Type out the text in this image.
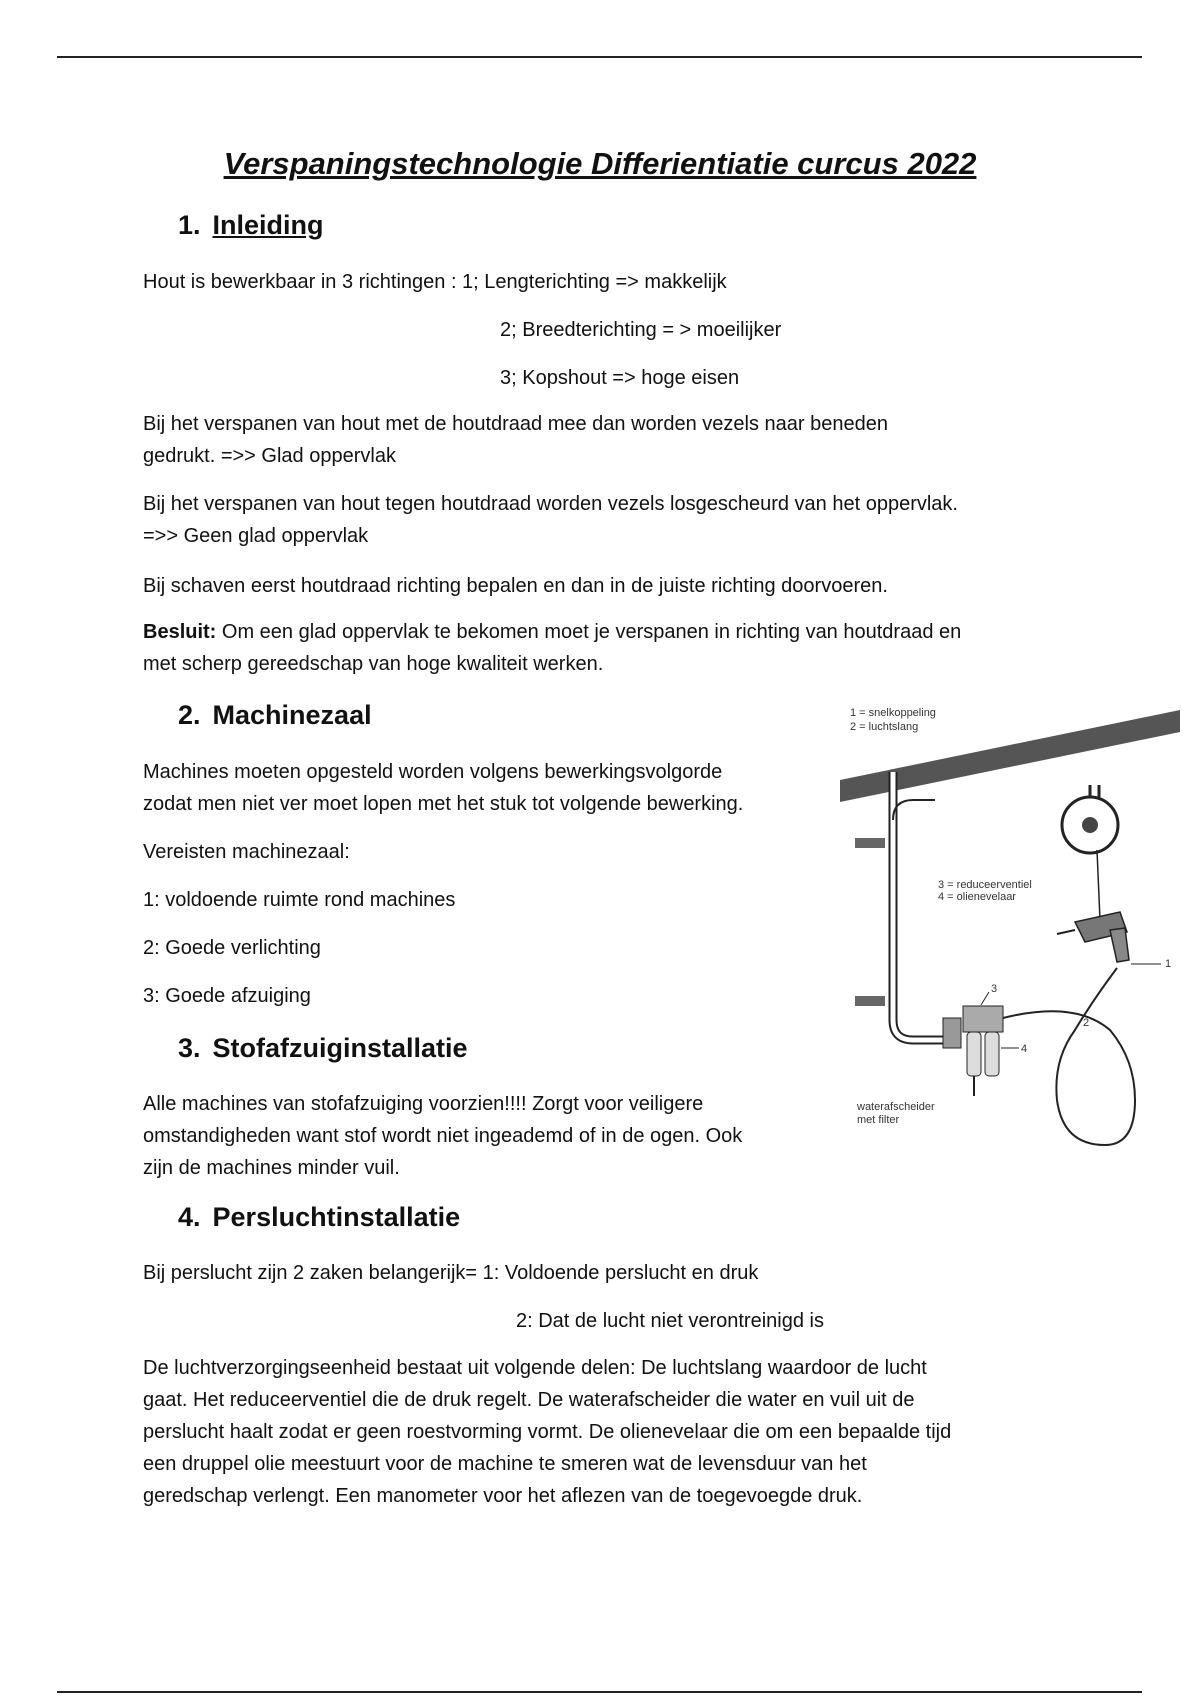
Verspaningstechnologie Differientiatie curcus 2022
1. Inleiding

Hout is bewerkbaar in 3 richtingen : 1; Lengterichting => makkelijk

2; Breedterichting = > moeilijker

3; Kopshout => hoge eisen

Bij het verspanen van hout met de houtdraad mee dan worden vezels naar beneden
gedrukt. =>> Glad oppervlak

Bij het verspanen van hout tegen houtdraad worden vezels losgescheurd van het oppervlak.
=>> Geen glad oppervlak

Bij schaven eerst houtdraad richting bepalen en dan in de juiste richting doorvoeren.

Besluit: Om een glad oppervlak te bekomen moet je verspanen in richting van houtdraad en
met scherp gereedschap van hoge kwaliteit werken.

2. Machinezaal

Machines moeten opgesteld worden volgens bewerkingsvolgorde
zodat men niet ver moet lopen met het stuk tot volgende bewerking.

Vereisten machinezaal:

1: voldoende ruimte rond machines

2: Goede verlichting

3: Goede afzuiging

3. Stofafzuiginstallatie

Alle machines van stofafzuiging voorzien!!!! Zorgt voor veiligere
omstandigheden want stof wordt niet ingeademd of in de ogen. Ook
zijn de machines minder vuil.

4. Persluchtinstallatie

Bij perslucht zijn 2 zaken belangerijk= 1: Voldoende perslucht en druk

2: Dat de lucht niet verontreinigd is

De luchtverzorgingseenheid bestaat uit volgende delen: De luchtslang waardoor de lucht
gaat. Het reduceerventiel die de druk regelt. De waterafscheider die water en vuil uit de
perslucht haalt zodat er geen roestvorming vormt. De olienevelaar die om een bepaalde tijd
een druppel olie meestuurt voor de machine te smeren wat de levensduur van het
geredschap verlengt. Een manometer voor het aflezen van de toegevoegde druk.

1 = snelkoppeling
2 = luchtslang
1
3 = reduceerventiel
4 = olienevelaar
3
4
waterafscheider
met filter
2
